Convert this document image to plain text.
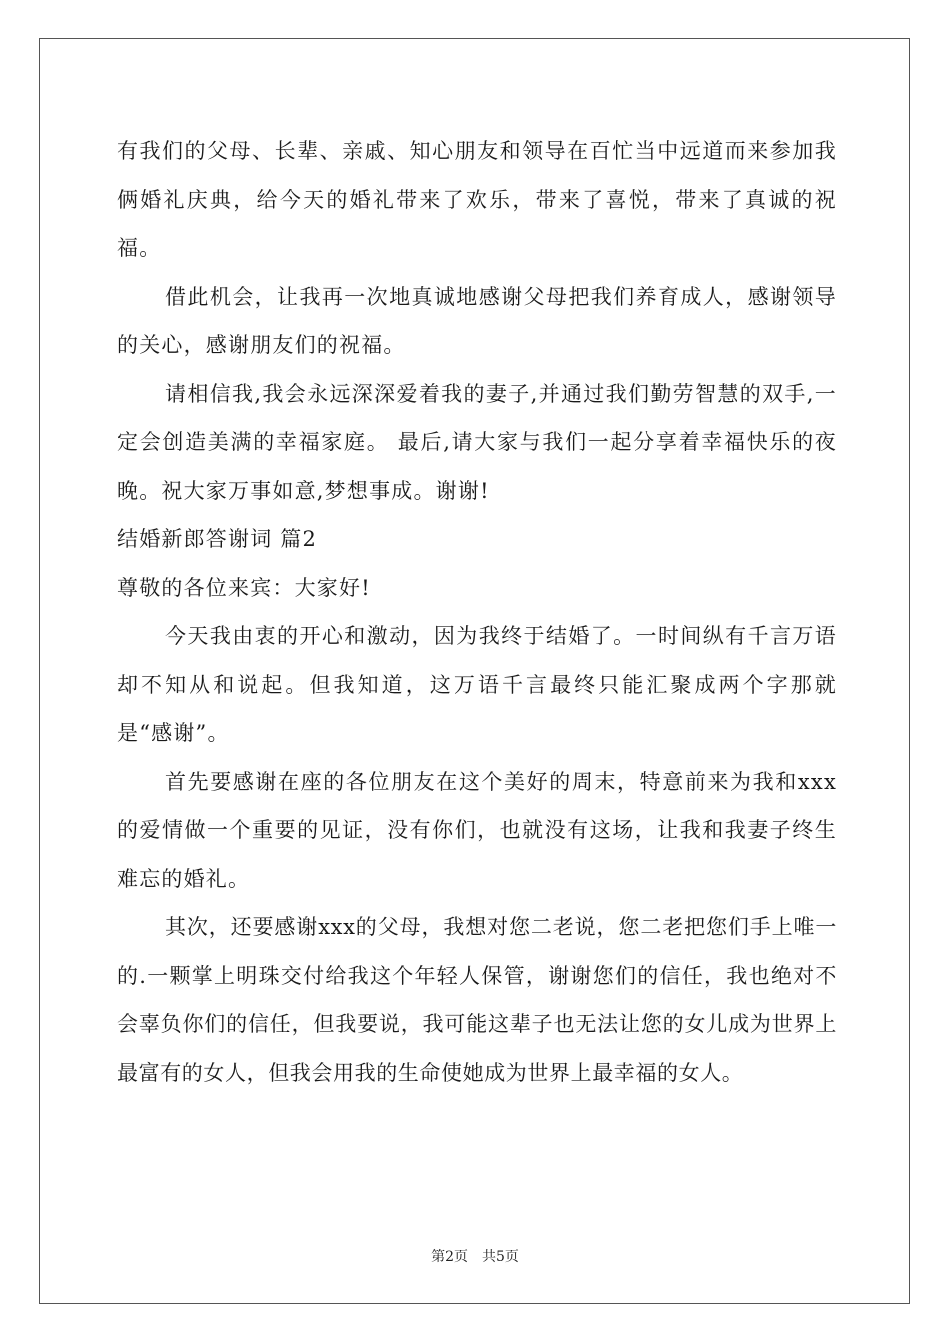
有我们的父母、长辈、亲戚、知心朋友和领导在百忙当中远道而来参加我俩婚礼庆典，给今天的婚礼带来了欢乐，带来了喜悦，带来了真诚的祝福。

借此机会，让我再一次地真诚地感谢父母把我们养育成人，感谢领导的关心，感谢朋友们的祝福。

请相信我,我会永远深深爱着我的妻子,并通过我们勤劳智慧的双手,一定会创造美满的幸福家庭。 最后,请大家与我们一起分享着幸福快乐的夜晚。祝大家万事如意,梦想事成。谢谢!

结婚新郎答谢词 篇2

尊敬的各位来宾：大家好!

今天我由衷的开心和激动，因为我终于结婚了。一时间纵有千言万语却不知从和说起。但我知道，这万语千言最终只能汇聚成两个字那就是“感谢”。

首先要感谢在座的各位朋友在这个美好的周末，特意前来为我和xxx的爱情做一个重要的见证，没有你们，也就没有这场，让我和我妻子终生难忘的婚礼。

其次，还要感谢xxx的父母，我想对您二老说，您二老把您们手上唯一的.一颗掌上明珠交付给我这个年轻人保管，谢谢您们的信任，我也绝对不会辜负你们的信任，但我要说，我可能这辈子也无法让您的女儿成为世界上最富有的女人，但我会用我的生命使她成为世界上最幸福的女人。

第2页　共5页
